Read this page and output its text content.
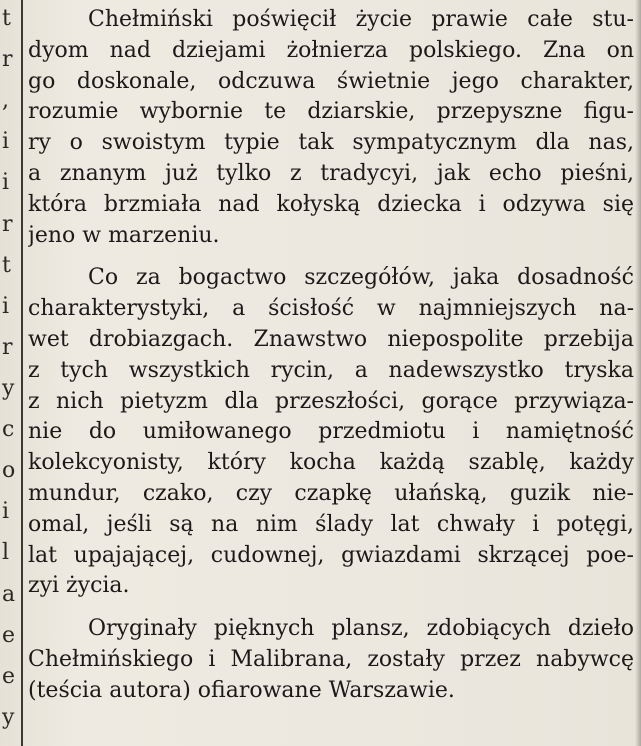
t
r
,
i
i
r
t
i
r
y
c
o
i
l
a
e
e
y
Chełmiński poświęcił życie prawie całe stu-
dyom nad dziejami żołnierza polskiego. Zna on
go doskonale, odczuwa świetnie jego charakter,
rozumie wybornie te dziarskie, przepyszne figu-
ry o swoistym typie tak sympatycznym dla nas,
a znanym już tylko z tradycyi, jak echo pieśni,
która brzmiała nad kołyską dziecka i odzywa się
jeno w marzeniu.
Co za bogactwo szczegółów, jaka dosadność
charakterystyki, a ścisłość w najmniejszych na-
wet drobiazgach. Znawstwo niepospolite przebija
z tych wszystkich rycin, a nadewszystko tryska
z nich pietyzm dla przeszłości, gorące przywiąza-
nie do umiłowanego przedmiotu i namiętność
kolekcyonisty, który kocha każdą szablę, każdy
mundur, czako, czy czapkę ułańską, guzik nie-
omal, jeśli są na nim ślady lat chwały i potęgi,
lat upajającej, cudownej, gwiazdami skrzącej poe-
zyi życia.
Oryginały pięknych plansz, zdobiących dzieło
Chełmińskiego i Malibrana, zostały przez nabywcę
(teścia autora) ofiarowane Warszawie.
